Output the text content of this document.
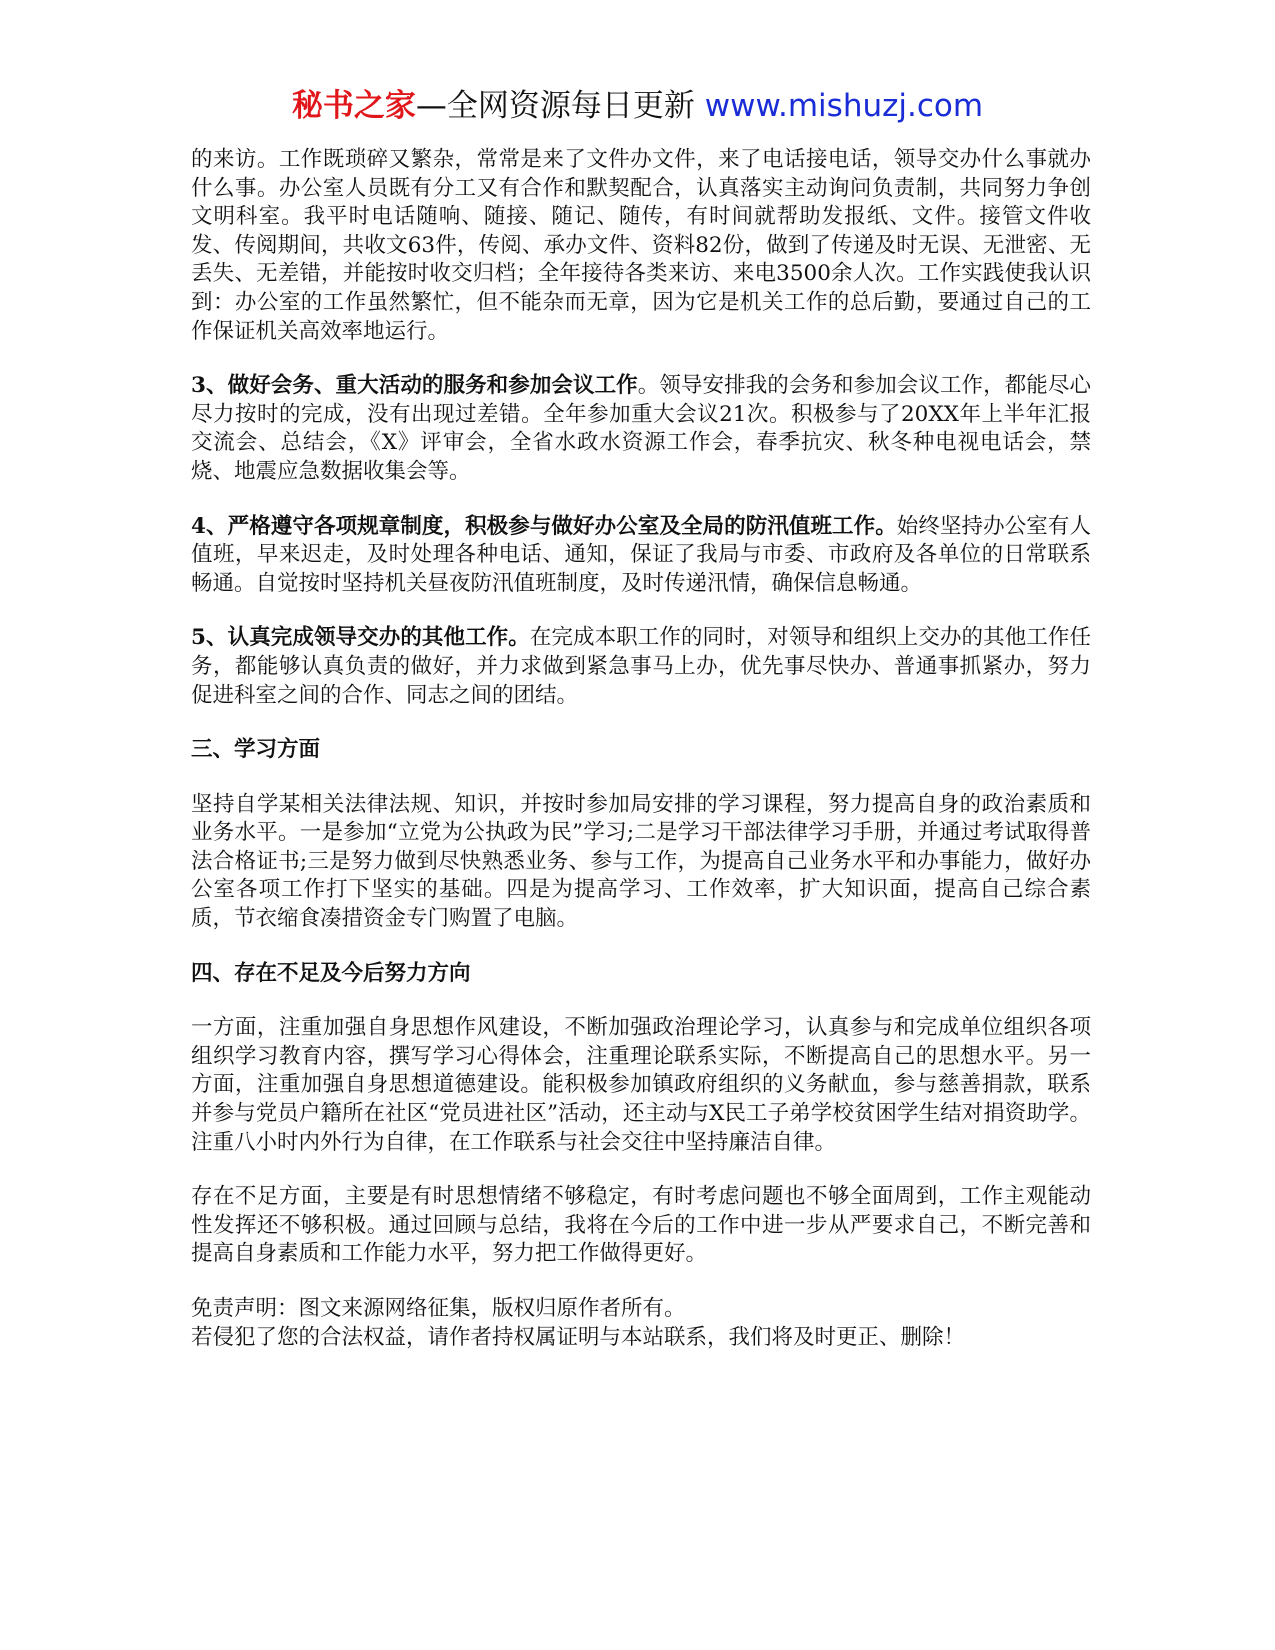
秘书之家—全网资源每日更新 www.mishuzj.com

的来访。工作既琐碎又繁杂，常常是来了文件办文件，来了电话接电话，领导交办什么事就办什么事。办公室人员既有分工又有合作和默契配合，认真落实主动询问负责制，共同努力争创文明科室。我平时电话随响、随接、随记、随传，有时间就帮助发报纸、文件。接管文件收发、传阅期间，共收文63件，传阅、承办文件、资料82份，做到了传递及时无误、无泄密、无丢失、无差错，并能按时收交归档；全年接待各类来访、来电3500余人次。工作实践使我认识到：办公室的工作虽然繁忙，但不能杂而无章，因为它是机关工作的总后勤，要通过自己的工作保证机关高效率地运行。

3、做好会务、重大活动的服务和参加会议工作。领导安排我的会务和参加会议工作，都能尽心尽力按时的完成，没有出现过差错。全年参加重大会议21次。积极参与了20XX年上半年汇报交流会、总结会，《X》评审会，全省水政水资源工作会，春季抗灾、秋冬种电视电话会，禁烧、地震应急数据收集会等。

4、严格遵守各项规章制度，积极参与做好办公室及全局的防汛值班工作。始终坚持办公室有人值班，早来迟走，及时处理各种电话、通知，保证了我局与市委、市政府及各单位的日常联系畅通。自觉按时坚持机关昼夜防汛值班制度，及时传递汛情，确保信息畅通。

5、认真完成领导交办的其他工作。在完成本职工作的同时，对领导和组织上交办的其他工作任务，都能够认真负责的做好，并力求做到紧急事马上办，优先事尽快办、普通事抓紧办，努力促进科室之间的合作、同志之间的团结。

三、学习方面

坚持自学某相关法律法规、知识，并按时参加局安排的学习课程，努力提高自身的政治素质和业务水平。一是参加“立党为公执政为民”学习;二是学习干部法律学习手册，并通过考试取得普法合格证书;三是努力做到尽快熟悉业务、参与工作，为提高自己业务水平和办事能力，做好办公室各项工作打下坚实的基础。四是为提高学习、工作效率，扩大知识面，提高自己综合素质，节衣缩食凑措资金专门购置了电脑。

四、存在不足及今后努力方向

一方面，注重加强自身思想作风建设，不断加强政治理论学习，认真参与和完成单位组织各项组织学习教育内容，撰写学习心得体会，注重理论联系实际，不断提高自己的思想水平。另一方面，注重加强自身思想道德建设。能积极参加镇政府组织的义务献血，参与慈善捐款，联系并参与党员户籍所在社区“党员进社区”活动，还主动与X民工子弟学校贫困学生结对捐资助学。注重八小时内外行为自律，在工作联系与社会交往中坚持廉洁自律。

存在不足方面，主要是有时思想情绪不够稳定，有时考虑问题也不够全面周到，工作主观能动性发挥还不够积极。通过回顾与总结，我将在今后的工作中进一步从严要求自己，不断完善和提高自身素质和工作能力水平，努力把工作做得更好。

免责声明：图文来源网络征集，版权归原作者所有。

若侵犯了您的合法权益，请作者持权属证明与本站联系，我们将及时更正、删除！
